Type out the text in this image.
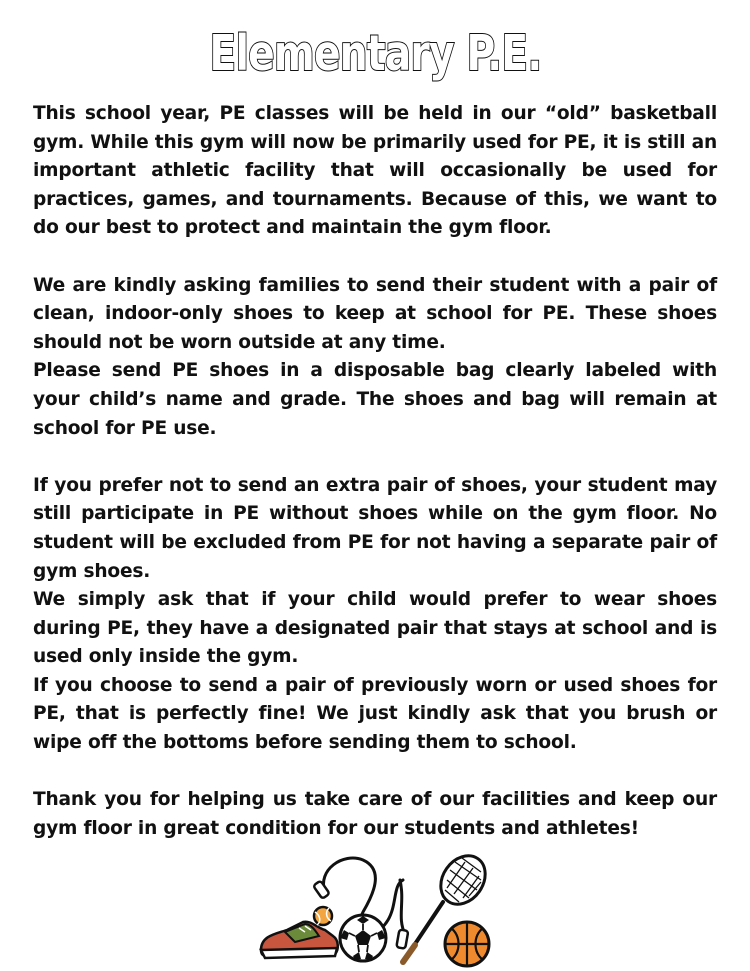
Elementary P.E.

This school year, PE classes will be held in our “old” basketball gym. While this gym will now be primarily used for PE, it is still an important athletic facility that will occasionally be used for practices, games, and tournaments. Because of this, we want to do our best to protect and maintain the gym floor.

We are kindly asking families to send their student with a pair of clean, indoor-only shoes to keep at school for PE. These shoes should not be worn outside at any time.

Please send PE shoes in a disposable bag clearly labeled with your child’s name and grade. The shoes and bag will remain at school for PE use.

If you prefer not to send an extra pair of shoes, your student may still participate in PE without shoes while on the gym floor. No student will be excluded from PE for not having a separate pair of gym shoes.

We simply ask that if your child would prefer to wear shoes during PE, they have a designated pair that stays at school and is used only inside the gym.

If you choose to send a pair of previously worn or used shoes for PE, that is perfectly fine! We just kindly ask that you brush or wipe off the bottoms before sending them to school.

Thank you for helping us take care of our facilities and keep our gym floor in great condition for our students and athletes!
